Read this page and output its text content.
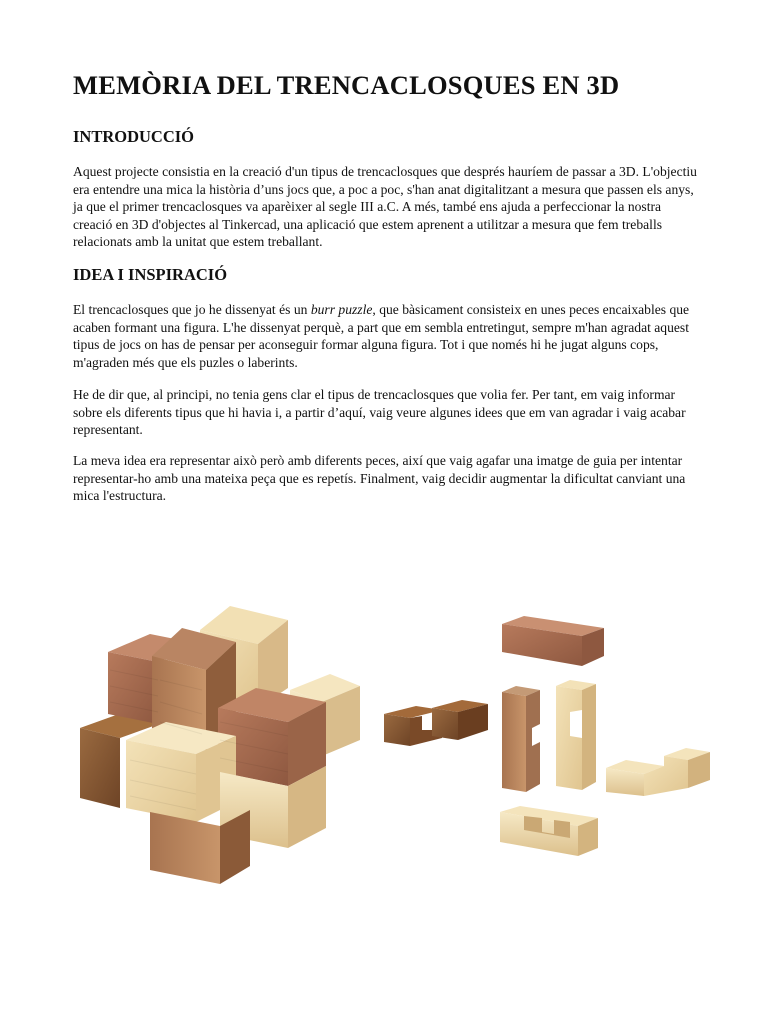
MEMÒRIA DEL TRENCACLOSQUES EN 3D
INTRODUCCIÓ

Aquest projecte consistia en la creació d'un tipus de trencaclosques que després hauríem de passar a 3D. L'objectiu era entendre una mica la història d’uns jocs que, a poc a poc, s'han anat digitalitzant a mesura que passen els anys, ja que el primer trencaclosques va aparèixer al segle III a.C. A més, també ens ajuda a perfeccionar la nostra creació en 3D d'objectes al Tinkercad, una aplicació que estem aprenent a utilitzar a mesura que fem treballs relacionats amb la unitat que estem treballant.

IDEA I INSPIRACIÓ

El trencaclosques que jo he dissenyat és un burr puzzle, que bàsicament consisteix en unes peces encaixables que acaben formant una figura. L'he dissenyat perquè, a part que em sembla entretingut, sempre m'han agradat aquest tipus de jocs on has de pensar per aconseguir formar alguna figura. Tot i que només hi he jugat alguns cops, m'agraden més que els puzles o laberints.

He de dir que, al principi, no tenia gens clar el tipus de trencaclosques que volia fer. Per tant, em vaig informar sobre els diferents tipus que hi havia i, a partir d’aquí, vaig veure algunes idees que em van agradar i vaig acabar representant.

La meva idea era representar això però amb diferents peces, així que vaig agafar una imatge de guia per intentar representar-ho amb una mateixa peça que es repetís. Finalment, vaig decidir augmentar la dificultat canviant una mica l'estructura.
